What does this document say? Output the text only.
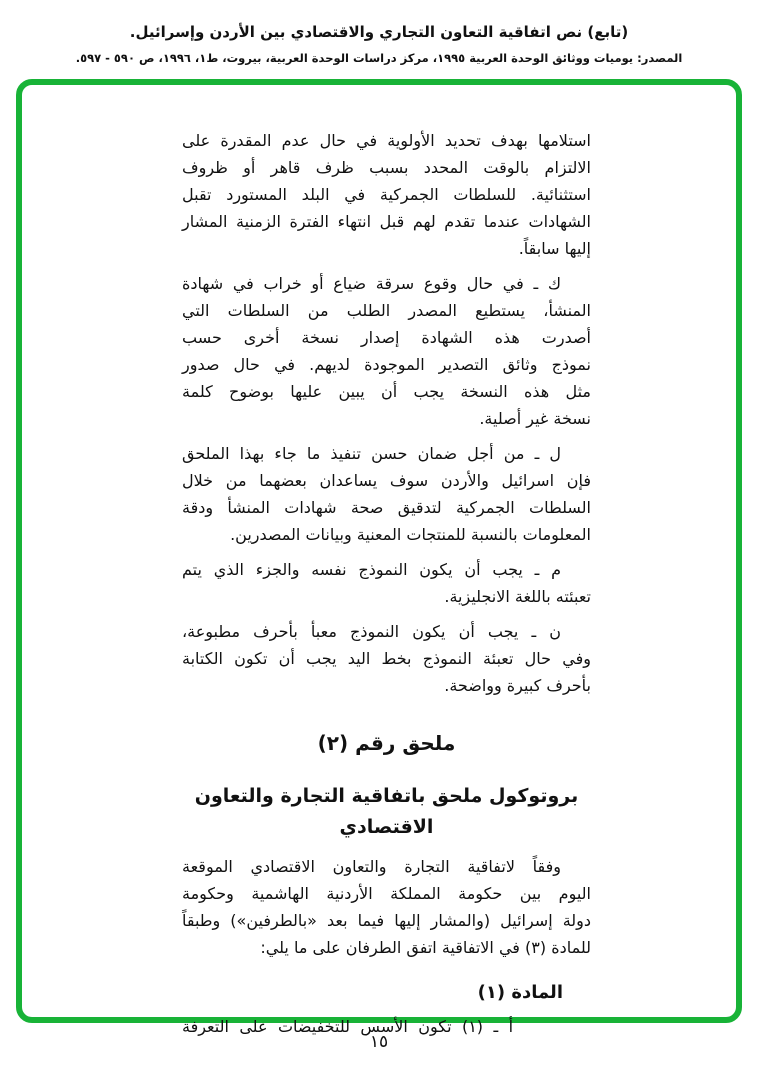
(تابع) نص اتفاقية التعاون التجاري والاقتصادي بين الأردن وإسرائيل.
المصدر: يوميات ووثائق الوحدة العربية ١٩٩٥، مركز دراسات الوحدة العربية، بيروت، ط١، ١٩٩٦، ص ٥٩٠ - ٥٩٧.
استلامها بهدف تحديد الأولوية في حال عدم المقدرة على
الالتزام بالوقت المحدد بسبب ظرف قاهر أو ظروف
استثنائية. للسلطات الجمركية في البلد المستورد تقبل
الشهادات عندما تقدم لهم قبل انتهاء الفترة الزمنية المشار
إليها سابقاً.
ك ـ في حال وقوع سرقة ضياع أو خراب في شهادة
المنشأ، يستطيع المصدر الطلب من السلطات التي
أصدرت هذه الشهادة إصدار نسخة أخرى حسب
نموذج وثائق التصدير الموجودة لديهم. في حال صدور
مثل هذه النسخة يجب أن يبين عليها بوضوح كلمة
نسخة غير أصلية.
ل ـ من أجل ضمان حسن تنفيذ ما جاء بهذا الملحق
فإن اسرائيل والأردن سوف يساعدان بعضهما من خلال
السلطات الجمركية لتدقيق صحة شهادات المنشأ ودقة
المعلومات بالنسبة للمنتجات المعنية وبيانات المصدرين.
م ـ يجب أن يكون النموذج نفسه والجزء الذي يتم
تعبئته باللغة الانجليزية.
ن ـ يجب أن يكون النموذج معبأ بأحرف مطبوعة،
وفي حال تعبئة النموذج بخط اليد يجب أن تكون الكتابة
بأحرف كبيرة وواضحة.
ملحق رقم (٢)
بروتوكول ملحق باتفاقية التجارة والتعاون
الاقتصادي
وفقاً لاتفاقية التجارة والتعاون الاقتصادي الموقعة
اليوم بين حكومة المملكة الأردنية الهاشمية وحكومة
دولة إسرائيل (والمشار إليها فيما بعد «بالطرفين») وطبقاً
للمادة (٣) في الاتفاقية اتفق الطرفان على ما يلي:
المادة (١)
أ ـ (١) تكون الأسس للتخفيضات على التعرفة
١٥
